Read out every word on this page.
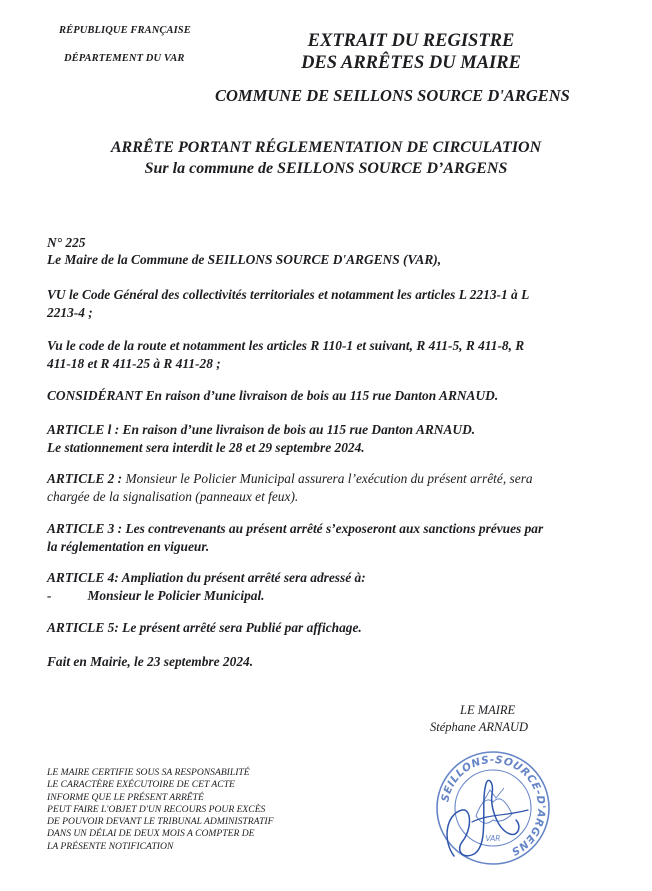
RÉPUBLIQUE FRANÇAISE

DÉPARTEMENT DU VAR

EXTRAIT DU REGISTRE
DES ARRÊTES DU MAIRE

COMMUNE DE SEILLONS SOURCE D'ARGENS

ARRÊTE PORTANT RÉGLEMENTATION DE CIRCULATION
Sur la commune de SEILLONS SOURCE D’ARGENS

N° 225

Le Maire de la Commune de SEILLONS SOURCE D'ARGENS (VAR),

VU le Code Général des collectivités territoriales et notamment les articles L 2213-1 à L
2213-4 ;

Vu le code de la route et notamment les articles R 110-1 et suivant, R 411-5, R 411-8, R
411-18 et R 411-25 à R 411-28 ;

CONSIDÉRANT En raison d’une livraison de bois au 115 rue Danton ARNAUD.

ARTICLE l : En raison d’une livraison de bois au 115 rue Danton ARNAUD.
Le stationnement sera interdit le 28 et 29 septembre 2024.

ARTICLE 2 : Monsieur le Policier Municipal assurera l’exécution du présent arrêté, sera
chargée de la signalisation (panneaux et feux).

ARTICLE 3 : Les contrevenants au présent arrêté s’exposeront aux sanctions prévues par
la réglementation en vigueur.

ARTICLE 4: Ampliation du présent arrêté sera adressé à:
-	Monsieur le Policier Municipal.

ARTICLE 5: Le présent arrêté sera Publié par affichage.

Fait en Mairie, le 23 septembre 2024.

LE MAIRE
Stéphane ARNAUD
LE MAIRE CERTIFIE SOUS SA RESPONSABILITÉ
LE CARACTÈRE EXÉCUTOIRE DE CET ACTE
INFORME QUE LE PRÉSENT ARRÊTÉ
PEUT FAIRE L'OBJET D'UN RECOURS POUR EXCÈS
DE POUVOIR DEVANT LE TRIBUNAL ADMINISTRATIF
DANS UN DÉLAI DE DEUX MOIS A COMPTER DE
LA PRÉSENTE NOTIFICATION
SEILLONS-SOURCE-D'ARGENS
VAR
